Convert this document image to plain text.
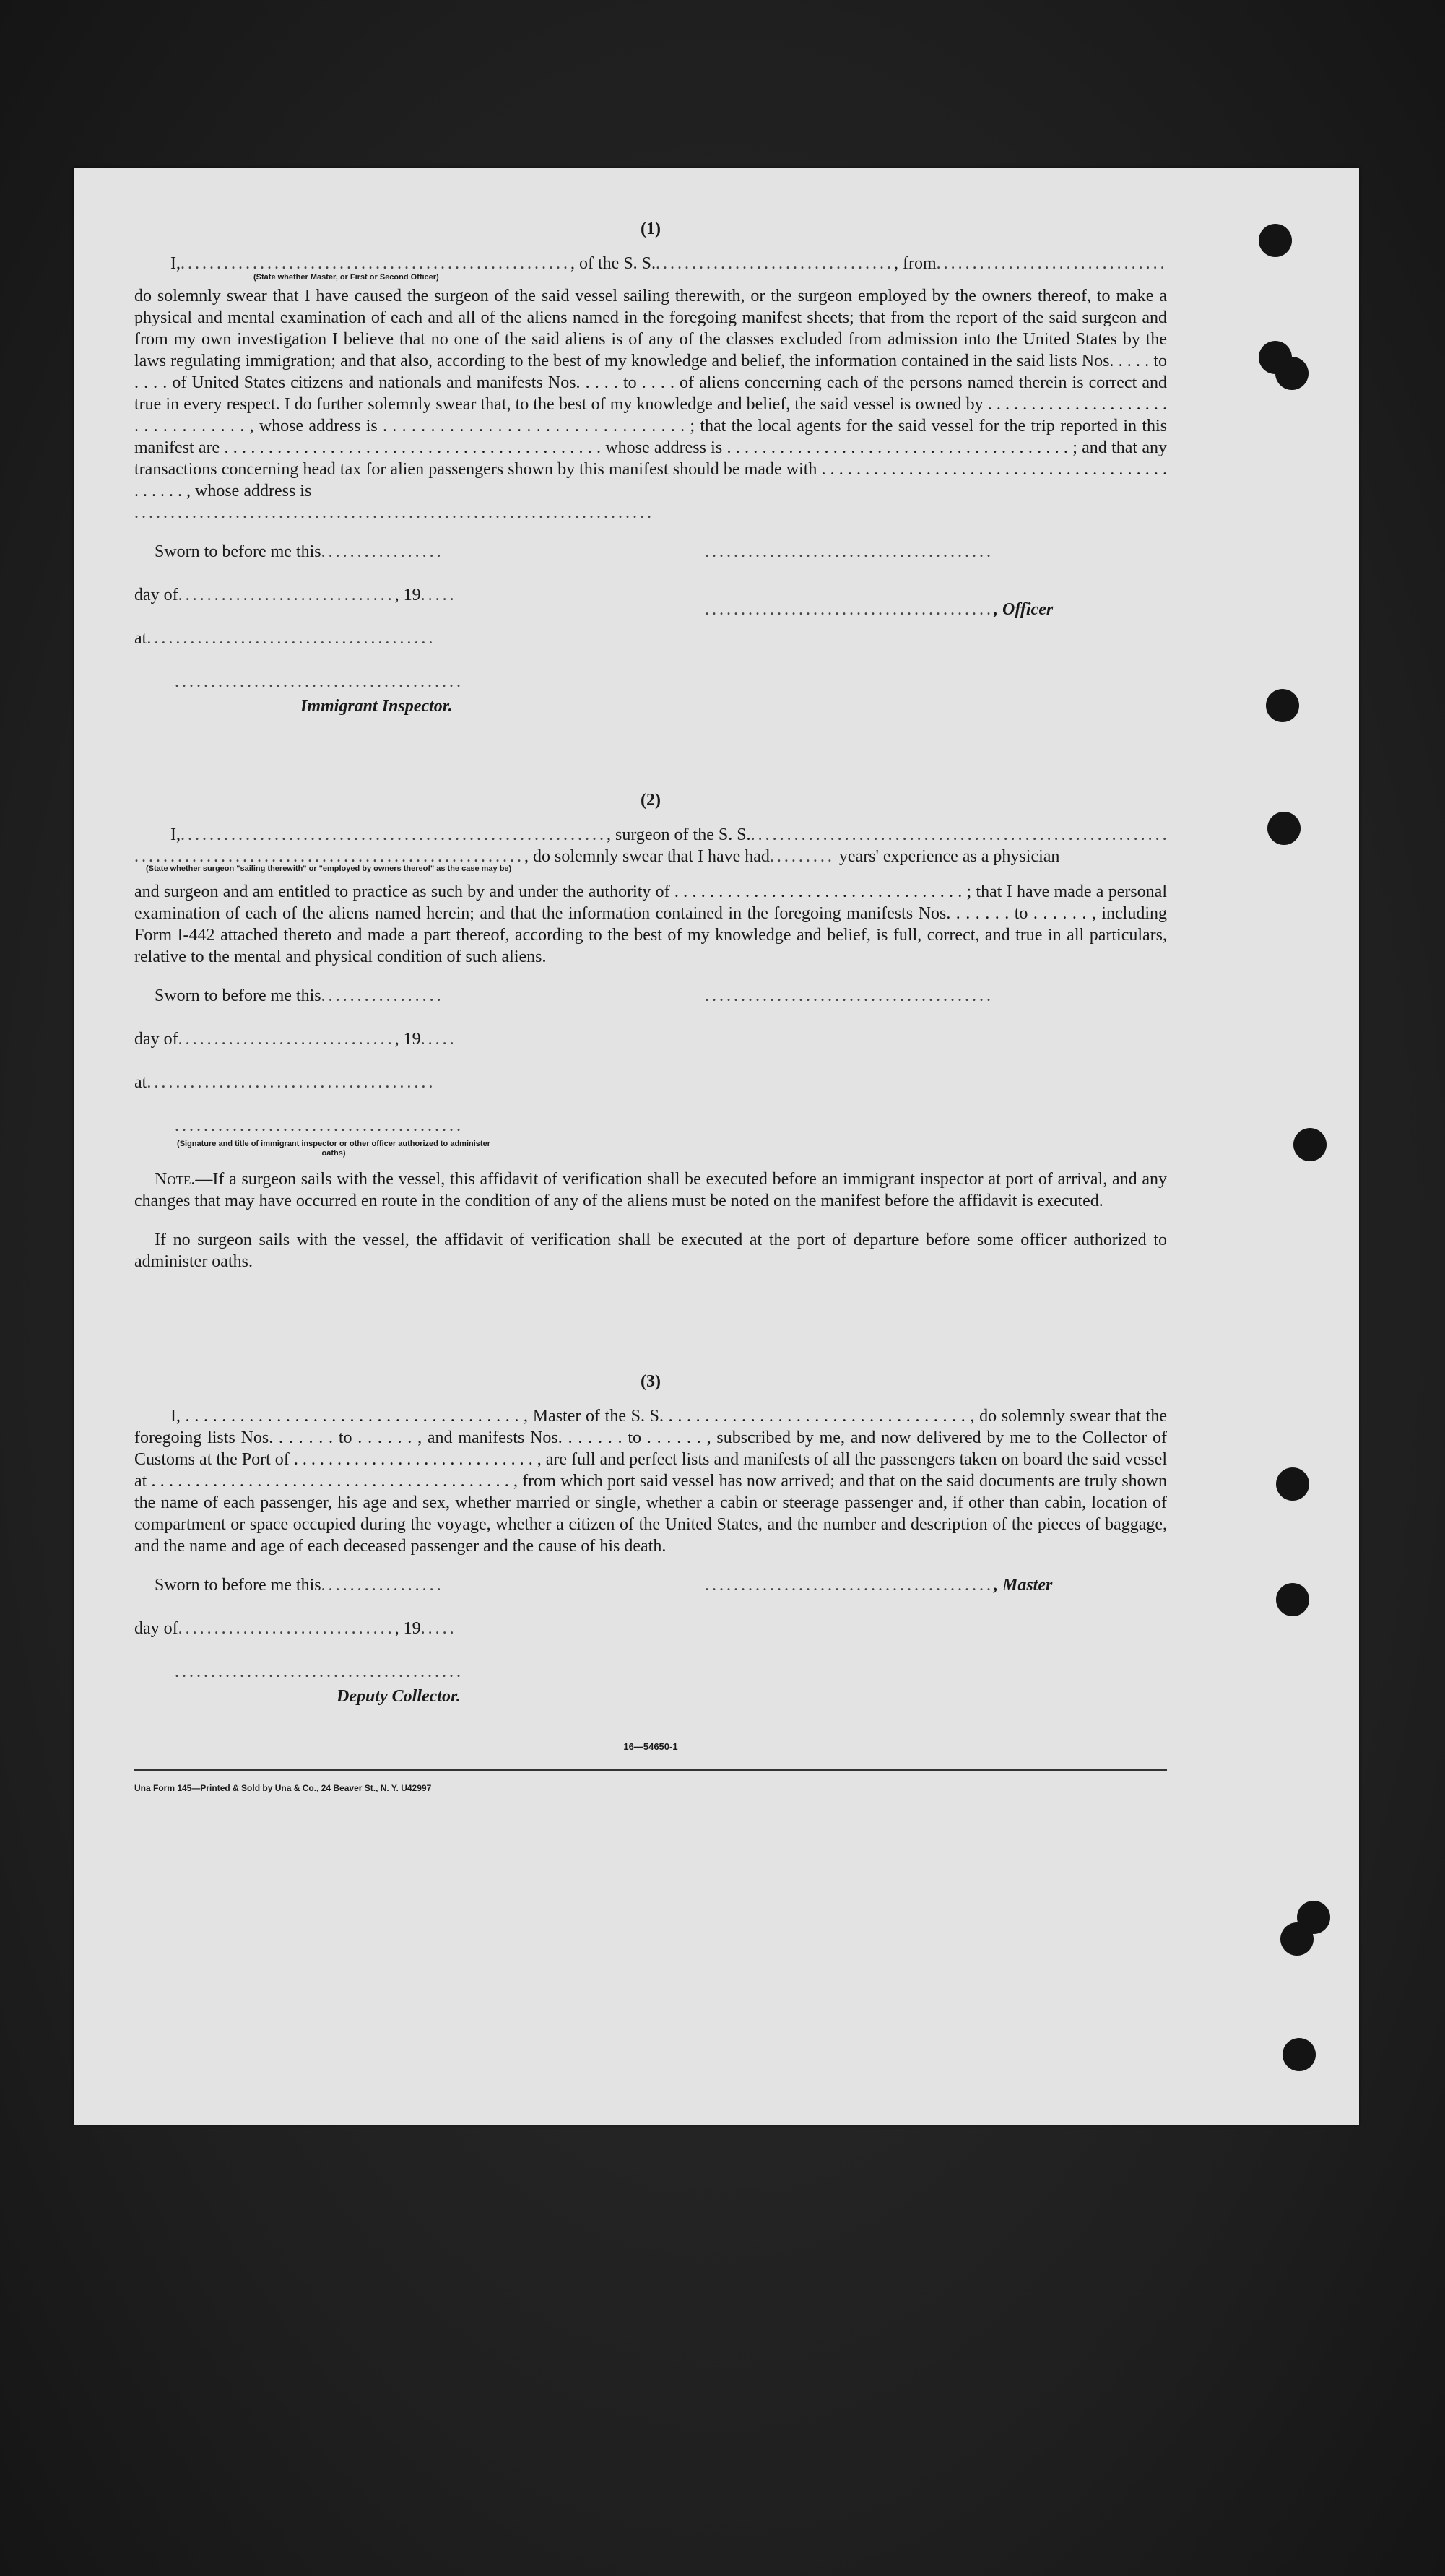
(1)
I, .....	, of the S. S. .....	, from
.....
(State whether Master, or First or Second Officer)

do solemnly swear that I have caused the surgeon of the said vessel sailing therewith, or the surgeon employed by the owners thereof, to make a physical and mental examination of each and all of the aliens named in the foregoing manifest sheets; that from the report of the said surgeon and from my own investigation I believe that no one of the said aliens is of any of the classes excluded from admission into the United States by the laws regulating immigration; and that also, according to the best of my knowledge and belief, the information contained in the said lists Nos. . . . . to . . . . of United States citizens and nationals and manifests Nos. . . . . to . . . . of aliens concerning each of the persons named therein is correct and true in every respect. I do further solemnly swear that, to the best of my knowledge and belief, the said vessel is owned by . . . . . . . . . . . . . . . . . . . . . . . . . . . . . . . . . , whose address is . . . . . . . . . . . . . . . . . . . . . . . . . . . . . . . . ; that the local agents for the said vessel for the trip reported in this manifest are . . . . . . . . . . . . . . . . . . . . . . . . . . . . . . . . . . . . . . . . . . . whose address is . . . . . . . . . . . . . . . . . . . . . . . . . . . . . . . . . . . . . . . ; and that any transactions concerning head tax for alien passengers shown by this manifest should be made with . . . . . . . . . . . . . . . . . . . . . . . . . . . . . . . . . . . . . . . . . . . . . . , whose address is

.....
Sworn to before me this
.....
day of .....	, 19
.....
at
.....
.....
Immigrant Inspector.
.....
.....
, Officer
(2)
I, .....	, surgeon of the S. S.
.....
.....
, do solemnly swear that I have had .....	years' experience as a physician
(State whether surgeon "sailing therewith" or "employed by owners thereof" as the case may be)

and surgeon and am entitled to practice as such by and under the authority of . . . . . . . . . . . . . . . . . . . . . . . . . . . . . . . . . ; that I have made a personal examination of each of the aliens named herein; and that the information contained in the foregoing manifests Nos. . . . . . . to . . . . . . , including Form I-442 attached thereto and made a part thereof, according to the best of my knowledge and belief, is full, correct, and true in all particulars, relative to the mental and physical condition of such aliens.

Sworn to before me this
.....
day of .....	, 19
.....
at
.....
.....
(Signature and title of immigrant inspector or other officer authorized to administer oaths)
.....

Note.—If a surgeon sails with the vessel, this affidavit of verification shall be executed before an immigrant inspector at port of arrival, and any changes that may have occurred en route in the condition of any of the aliens must be noted on the manifest before the affidavit is executed.

If no surgeon sails with the vessel, the affidavit of verification shall be executed at the port of departure before some officer authorized to administer oaths.

(3)

I, . . . . . . . . . . . . . . . . . . . . . . . . . . . . . . . . . . . . . , Master of the S. S. . . . . . . . . . . . . . . . . . . . . . . . . . . . . . . . . . , do solemnly swear that the foregoing lists Nos. . . . . . . to . . . . . . , and manifests Nos. . . . . . . to . . . . . . , subscribed by me, and now delivered by me to the Collector of Customs at the Port of . . . . . . . . . . . . . . . . . . . . . . . . . . . . , are full and perfect lists and manifests of all the passengers taken on board the said vessel at . . . . . . . . . . . . . . . . . . . . . . . . . . . . . . . . . . . . . . . . . , from which port said vessel has now arrived; and that on the said documents are truly shown the name of each passenger, his age and sex, whether married or single, whether a cabin or steerage passenger and, if other than cabin, location of compartment or space occupied during the voyage, whether a citizen of the United States, and the number and description of the pieces of baggage, and the name and age of each deceased passenger and the cause of his death.

Sworn to before me this
.....
day of .....	, 19
.....
.....
Deputy Collector.
.....
, Master
16—54650-1
Una Form 145—Printed & Sold by Una & Co., 24 Beaver St., N. Y. U42997
